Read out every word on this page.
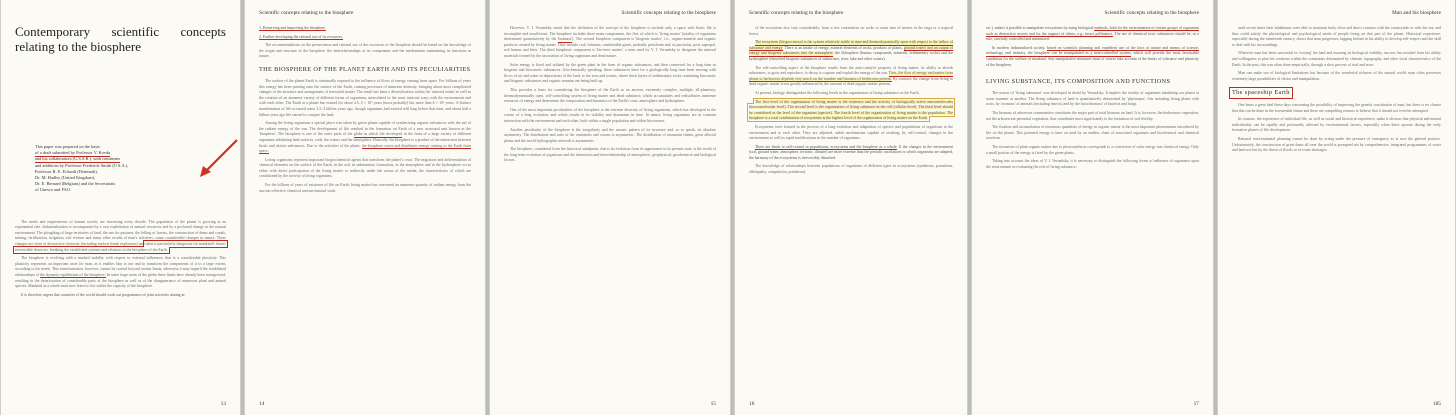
Contemporary scientific concepts relating to the biosphere
This paper was prepared on the basis
of a draft submitted by Professor V. Kovda
and his collaborators (U.S.S.R.), with comments
and additions by Professor Frederick Smith (U.S.A.),
Professor R. E. Eckardt (Denmark),
Dr. M. Hadley (United Kingdom),
Dr. E. Bernard (Belgium) and the Secretariats
of Unesco and FAO.

The needs and requirements of human society are increasing every decade. The population of the planet is growing at an exponential rate. Industrialization is accompanied by a vast exploitation of natural resources and by a profound change in the natural environment. The ploughing of large territories of land, the use for pastures, the felling of forests, the construction of dams and canals, mining, fertilization, irrigation, soil erosion and many other results of man's activities, cause considerable changes in nature. These changes are often of destructive character (including nuclear bomb explosions) and what is particularly dangerous for mankind's future, irreversible character, breaking the established systems and relations in the biosphere of the Earth.

The biosphere is evolving with a marked stability with respect to external influences, that is a considerable plasticity. This plasticity represents an important asset for man, as it enables him to use and to transform the components of it to a large extent, according to his needs. This transformation, however, cannot be carried beyond certain limits, otherwise it may imperil the established relationships of the dynamic equilibrium of the biosphere. In some large areas of the globe these limits have already been transgressed, resulting in the deterioration of considerable parts of the biosphere as well as of the disappearance of numerous plant and animal species. Mankind as a whole must now learn to live within the capacity of the biosphere.

It is therefore urgent that countries of the world should work out programmes of joint activities aiming at:

13
Scientific concepts relating to the biosphere

1. Preserving and improving the biosphere.

2. Further developing the rational use of its resources.

The recommendations on the preservation and rational use of the resources of the biosphere should be based on the knowledge of the origin and structure of the biosphere, the interrelationships of its components and the mechanisms maintaining its functions in nature.

THE BIOSPHERE OF THE PLANET EARTH AND ITS PECULIARITIES

The surface of the planet Earth is continually exposed to the influence of flows of energy coming from space. For billions of years this energy has been pouring onto the surface of the Earth, causing processes of immense intensity, bringing about most complicated changes of the structure and arrangement of terrestrial matter. The result has been a diversification within the 'mineral realm' as well as the creation of an immense variety of different forms of organisms, interrelated in the most intricate ways with the environment and with each other. The Earth at a planet has existed for about 4.5–5 × 10⁹ years (most probably) but more than 6 × 10⁸ years. A distinct manifestation of life occurred some 2.5–3 billion years ago, though organisms had existed still long before that time, and about half a billion years ago life started to conquer the land.

Among the living organisms a special place was taken by green plants capable of synthesizing organic substances with the aid of the radiant energy of the sun. The development of life resulted in the formation on Earth of a new structural unit known as the 'biosphere'. The biosphere is one of the outer parts of the globe in which life developed in the form of a large variety of different organisms inhabiting land surfaces, soils, the waters and the atmosphere. Basically, the biosphere is a product of the interaction between biotic and abiotic substances. Due to the activities of the plants, the biosphere stores and distributes energy coming to the Earth from space.

Living organisms represent important biogeochemical agents that transform the planet's crust. The migration and differentiation of chemical elements on the surface of the Earth, in the soil, in sedimentary formations, in the atmosphere and in the hydrosphere occur either with direct participation of the living matter or indirectly under the action of the media, the characteristics of which are conditioned by the activity of living organisms.

For the billions of years of existence of life on Earth, living matter has converted an immense quantity of radiant energy from the sun into effective chemical and mechanical work.

14
Scientific concepts relating to the biosphere

However, V. I. Vernadsky noted that the definition of the concept of the biosphere to include only a space with biotic life is incomplete and insufficient. The biosphere includes three main components, the first of which is 'living matter' (totality of organisms determined quantitatively by the 'biomass'). The second biosphere component is 'biogenic matter', i.e., organo-mineral and organic products created by living matter. They include coal, bitumen, combustible gases, probably petroleum and, in particular, peat, sapropel, soil humus and litter. The third biospheric component is 'bio-inert matter', a term used by V. I. Vernadsky to designate the mineral materials formed by the association of living organisms and dead nature.

Solar energy is fixed and utilized by the green plant in the form of organic substances, and then conserved for a long time as biogenic and bioccnotic substances. Geochemically speaking, these substances have for a geologically long time been moving with flows of air and water to depressions of the land, to the seas and oceans, where thick layers of sedimentary rocks containing bioccnotic and biogenic substances and organic remains are being built up.

This provides a basis for considering the biosphere of the Earth as an ancient, extremely complex, multiple, all-planetary, thermodynamically open, self-controlling system of living matter and dead substance, which accumulates and redistributes immense resources of energy and determines the composition and dynamics of the Earth's crust, atmosphere and hydrosphere.

One of the most important peculiarities of the biosphere is the extreme diversity of living organisms, which has developed in the course of a long evolution, and which results in its stability and dynamism in time. In nature, living organisms are in constant interaction with the environment and each other, both within a single population and within biocenoses.

Another peculiarity of the biosphere is the irregularity and the mosaic pattern of its structure and, so to speak, its absolute asymmetry. The distribution and ratio of the continents and oceans is asymmetric. The distribution of mountain chains, great alluvial plains and the world hydrographic network is asymmetric.

The biosphere, considered from the historical standpoint, that is its evolution from its appearance to its present state, is the result of the long-term evolution of organisms and the interaction and interrelationship of atmospheric, geophysical, geochemical and biological factors.

15
Scientific concepts relating to the biosphere

of the ecosystem also vary considerably: from a few centimetres on rocks to some tens of metres in the taiga or a tropical forest.

The ecosystem (biogeocenose) is the system relatively stable in time and thermodynamically open with respect to the inflow of substance and energy. There is an intake of energy, mineral elements of rocks, products of plants, ground water) and an output of energy and biogenic substances into the atmosphere, the lithosphere (humus compounds, minerals, sedimentary rocks) and the hydrosphere (dissolved biogenic substances of subsurface, river, lake and other waters).

The self-controlling aspect of the biosphere results from the auto-catalytic property of living matter, its ability to absorb substances, to grow and reproduce, to decay, to capture and exploit the energy of the sun. Thus, the flow of energy and matter from plants to herbivores depends very much on the number and biomass of herbivores present. By contrast, the change from living to dead organic matter is not greatly influenced by the amount of dead organic matter present.

At present, biology distinguishes the following levels in the organization of living substance on the Earth.

The first level of the organization of living matter is the existence and the activity of biologically active macromolecules (macromolecular level). The second level is the organization of living substance in the cell (cellular level). The third level should be considered as the level of the organism (species). The fourth level of the organization of living matter is the population. The biosphere is a total combination of ecosystems is the highest level of the organization of living matter on the Earth.

Ecosystems were formed in the process of a long evolution and adaptation of species and populations of organisms to the environment and to each other. They are adjusted, stable mechanisms capable of resisting, by self-control, changes in the environment as well as rapid modifications in the number of organisms.

There are limits to self-control in populations, ecosystems and the biosphere as a whole. If the changes in the environment (soil, ground water, atmosphere, tectonic, climate) are more extreme than the periodic oscillations to which organisms are adapted, the harmony of the ecosystems is irreversibly disturbed.

The knowledge of relationships between populations of organisms of different types in ecosystems (symbiosis, parasitism, allelopathy, competition, predatism).

16
Scientific concepts relating to the biosphere

etc.), makes it possible to manipulate ecosystems by using biological methods, both for the extermination of certain groups of organisms such as destructive insects and for the support of others, e.g., insect pollinators. The use of chemical toxic substances should be, as a rule, carefully controlled and minimized.

In modern industrialized society, based on scientific planning and expedient use of the laws of nature and means of science, technology and industry, the biosphere can be manipulated as a man-controlled system, which will provide the most favourable conditions for the welfare of mankind. Any manipulative measures must of course take account of the limits of tolerance and plasticity of the biosphere.

LIVING SUBSTANCE, ITS COMPOSITION AND FUNCTIONS

The notion of 'living substance' was developed in detail by Vernadsky. It implies the totality of organisms inhabiting our planet at some moment or another. The living substance of land is quantitatively determined by 'phytomass', this including living plants with roots, by 'zoomass' of animals (including insects) and by the 'microbomass' of bacteria and fungi.

The biomass of arboreous communities constitutes the major part of total biomass on land. It is, however, the herbaceous vegetation, not the arborescent perennial vegetation, that contributes most significantly to the formation of soil fertility.

The fixation and accumulation of enormous quantities of energy in organic matter is the most important phenomenon introduced by life on the planet. This potential energy is later on used by an endless chain of associated organisms and biochemical and chemical reactions.

The formation of plant organic matter due to photosynthesis corresponds to a conversion of solar energy into chemical energy. Only a small portion of the energy is fixed by the green plants.

Taking into account the ideas of V. I. Vernadsky, it is necessary to distinguish the following forms of influence of organisms upon the environment in evaluating the role of living substance:

17
Man and his biosphere

until recent times their inhabitants were able to maintain fairly close and direct contacts with the countryside or with the sea, and thus could satisfy the physiological and psychological needs of people living on that part of the planet. Historical experience, especially during the nineteenth century, shows that man progresses, lagging behind in his ability to develop self-respect and the skill to deal with his surroundings.

Wherever man has been successful in 'wooing' the land and assuring its biological viability, success has resulted from his ability and willingness to plan his creations within the constraints determined by climate, topography, and other local characteristics of the Earth. In the past, this was often done empirically, through a slow process of trial and error.

Man can make use of biological limitations but because of the wonderful richness of the natural world, man often possesses extremely large possibilities of choice and manipulation.

The spaceship Earth

One hears a great deal these days concerning the possibility of improving the genetic constitution of man, but there is no chance that this can be done in the foreseeable future and there are compelling reasons to believe that it should not even be attempted.

In contrast, the experience of individual life, as well as social and historical experience, make it obvious that physical and mental individuality can be rapidly and profoundly affected by environmental factors, especially when these operate during the early formative phases of life development.

Rational environmental planning cannot be done by acting under the pressure of emergency as is now the general practice. Unfortunately, the construction of great dams all over the world is prompted not by comprehensive, integrated programmes of water and land use but by the threat of floods or of water shortages.

185
